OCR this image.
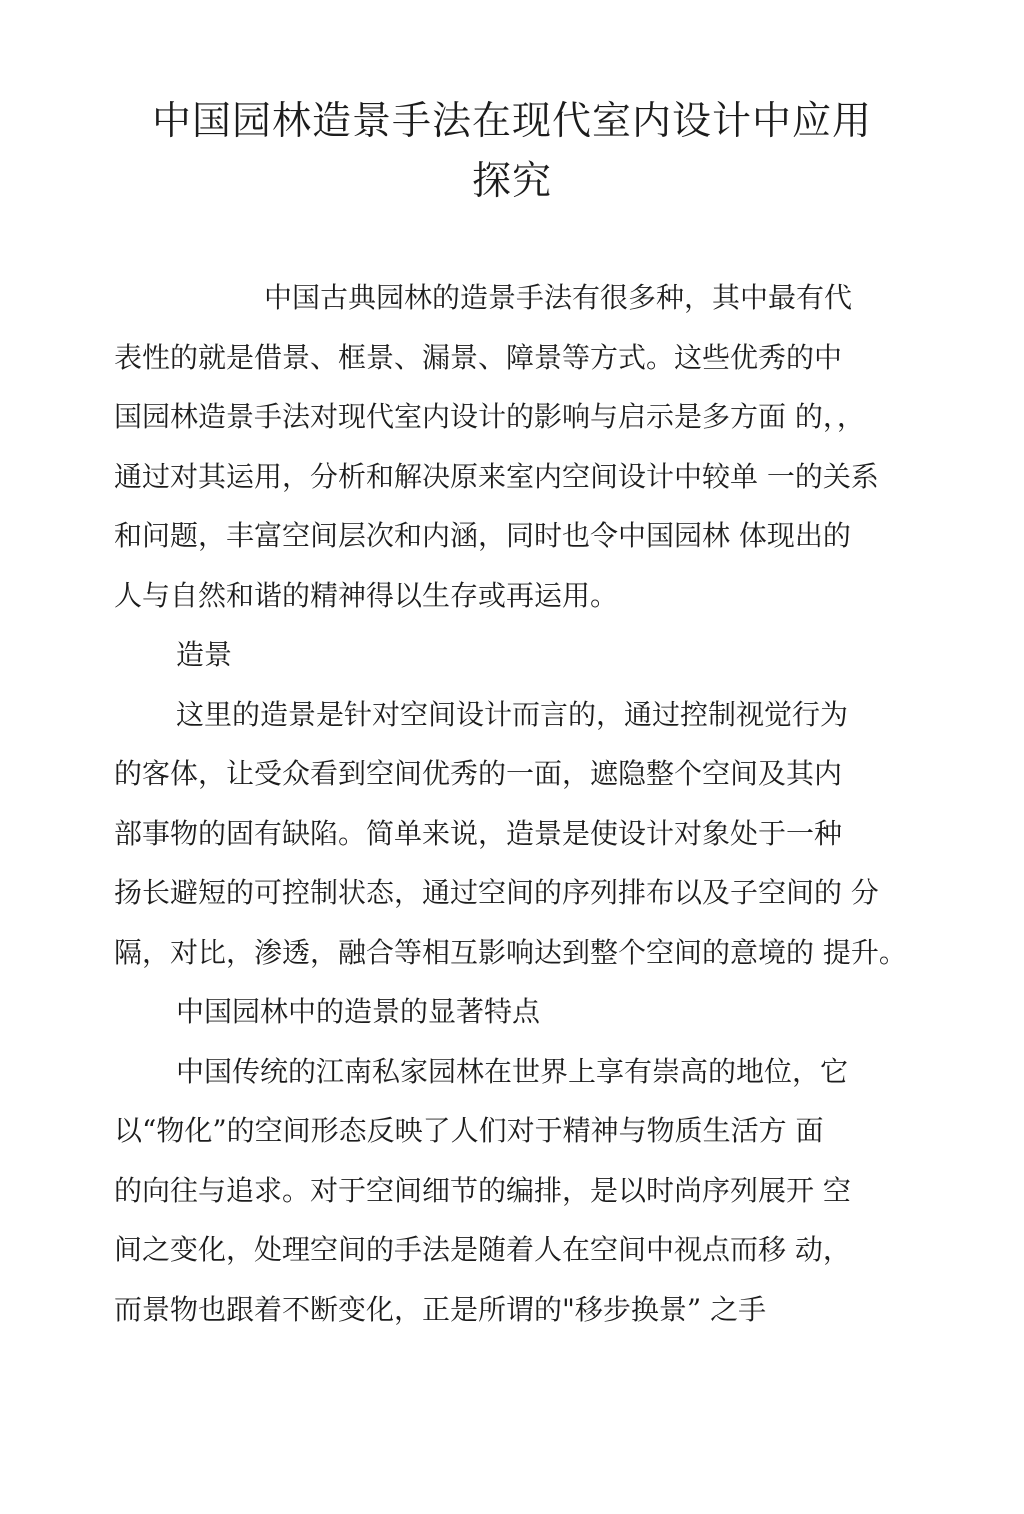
中国园林造景手法在现代室内设计中应用
探究
中国古典园林的造景手法有很多种，其中最有代
表性的就是借景、框景、漏景、障景等方式。这些优秀的中
国园林造景手法对现代室内设计的影响与启示是多方面 的，，
通过对其运用，分析和解决原来室内空间设计中较单 一的关系
和问题，丰富空间层次和内涵，同时也令中国园林 体现出的
人与自然和谐的精神得以生存或再运用。
造景
这里的造景是针对空间设计而言的，通过控制视觉行为
的客体，让受众看到空间优秀的一面，遮隐整个空间及其内
部事物的固有缺陷。简单来说，造景是使设计对象处于一种
扬长避短的可控制状态，通过空间的序列排布以及子空间的 分
隔，对比，渗透，融合等相互影响达到整个空间的意境的 提升。
中国园林中的造景的显著特点
中国传统的江南私家园林在世界上享有崇高的地位，它
以“物化”的空间形态反映了人们对于精神与物质生活方 面
的向往与追求。对于空间细节的编排，是以时尚序列展开 空
间之变化，处理空间的手法是随着人在空间中视点而移 动，
而景物也跟着不断变化，正是所谓的"移步换景” 之手
